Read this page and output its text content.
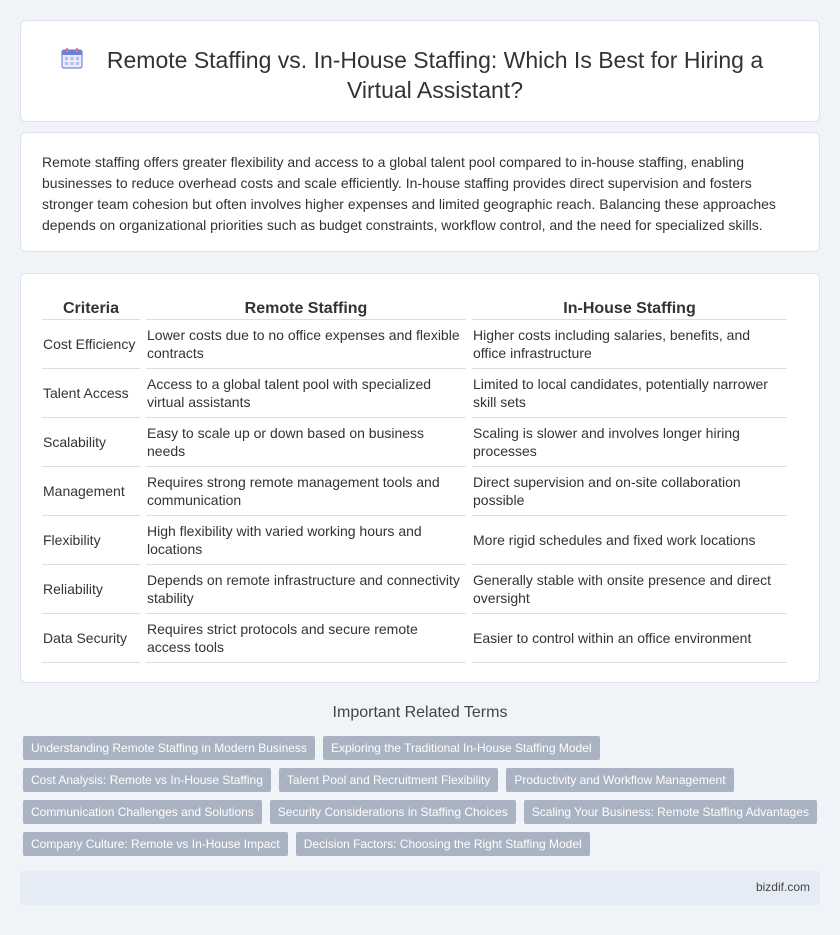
Remote Staffing vs. In-House Staffing: Which Is Best for Hiring a Virtual Assistant?

Remote staffing offers greater flexibility and access to a global talent pool compared to in-house staffing, enabling businesses to reduce overhead costs and scale efficiently. In-house staffing provides direct supervision and fosters stronger team cohesion but often involves higher expenses and limited geographic reach. Balancing these approaches depends on organizational priorities such as budget constraints, workflow control, and the need for specialized skills.

Criteria	Remote Staffing	In-House Staffing
Cost Efficiency	Lower costs due to no office expenses and flexible contracts	Higher costs including salaries, benefits, and office infrastructure
Talent Access	Access to a global talent pool with specialized virtual assistants	Limited to local candidates, potentially narrower skill sets
Scalability	Easy to scale up or down based on business needs	Scaling is slower and involves longer hiring processes
Management	Requires strong remote management tools and communication	Direct supervision and on-site collaboration possible
Flexibility	High flexibility with varied working hours and locations	More rigid schedules and fixed work locations
Reliability	Depends on remote infrastructure and connectivity stability	Generally stable with onsite presence and direct oversight
Data Security	Requires strict protocols and secure remote access tools	Easier to control within an office environment
Important Related Terms
Understanding Remote Staffing in Modern Business	Exploring the Traditional In-House Staffing Model
Cost Analysis: Remote vs In-House Staffing	Talent Pool and Recruitment Flexibility	Productivity and Workflow Management
Communication Challenges and Solutions	Security Considerations in Staffing Choices	Scaling Your Business: Remote Staffing Advantages
Company Culture: Remote vs In-House Impact	Decision Factors: Choosing the Right Staffing Model
bizdif.com
